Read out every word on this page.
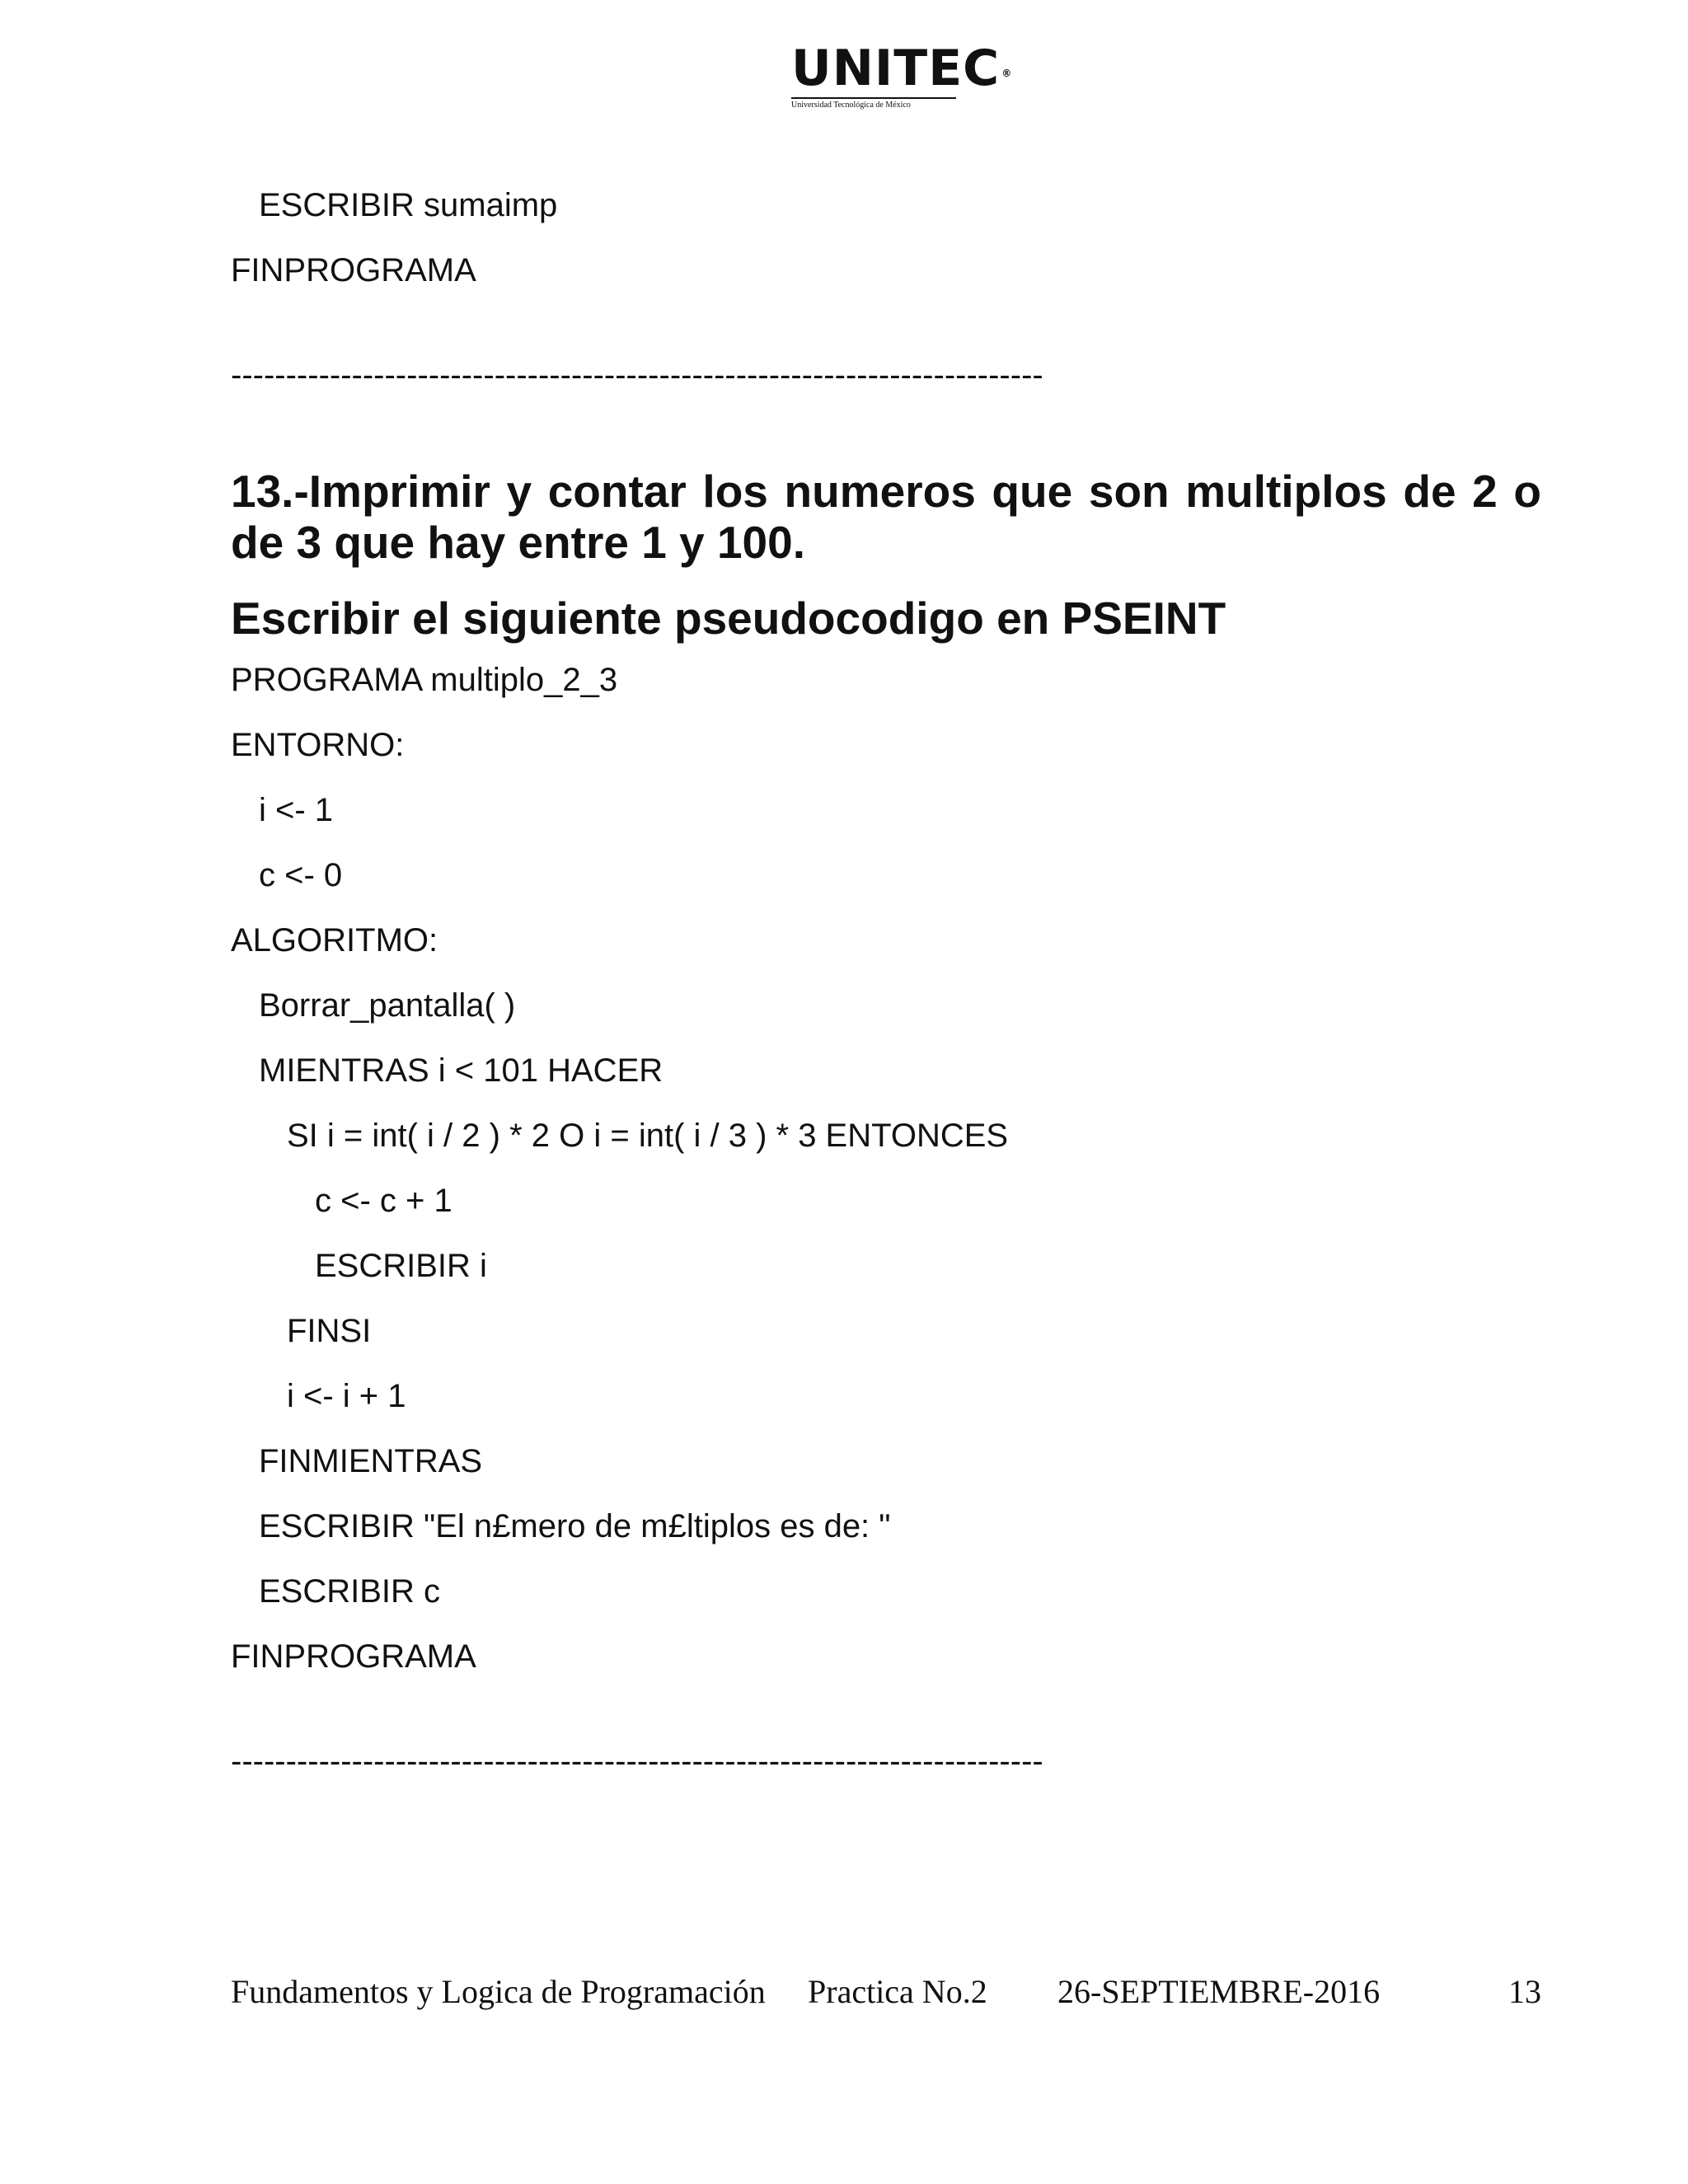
UNITEC ®
Universidad Tecnológica de México
ESCRIBIR sumaimp
FINPROGRAMA
--------------------------------------------------------------------------
13.-Imprimir y contar los numeros que son multiplos de 2 o de 3 que hay entre 1 y 100.
Escribir el siguiente pseudocodigo en PSEINT
PROGRAMA multiplo_2_3
ENTORNO:
i <- 1
c <- 0
ALGORITMO:
Borrar_pantalla( )
MIENTRAS i < 101 HACER
SI i = int( i / 2 ) * 2 O i = int( i / 3 ) * 3 ENTONCES
c <- c + 1
ESCRIBIR i
FINSI
i <- i + 1
FINMIENTRAS
ESCRIBIR "El n£mero de m£ltiplos es de: "
ESCRIBIR c
FINPROGRAMA
--------------------------------------------------------------------------
Fundamentos y Logica de Programación Practica No.2 26-SEPTIEMBRE-2016	13
